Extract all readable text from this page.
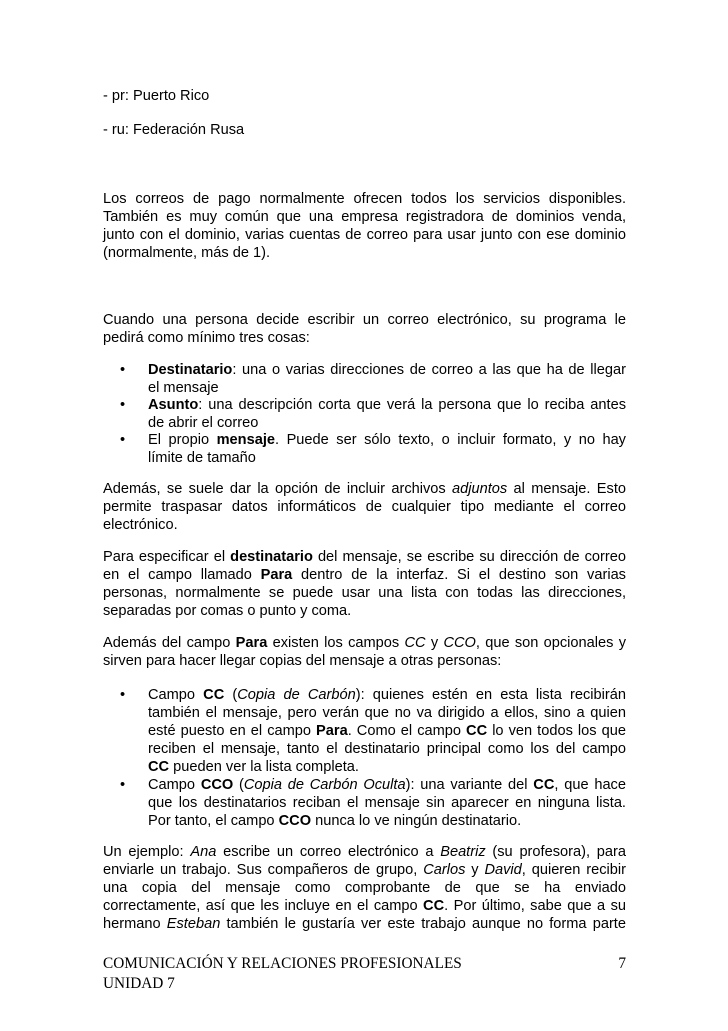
- pr: Puerto Rico
- ru: Federación Rusa
Los correos de pago normalmente ofrecen todos los servicios disponibles.
También es muy común que una empresa registradora de dominios venda,
junto con el dominio, varias cuentas de correo para usar junto con ese dominio
(normalmente, más de 1).
Cuando una persona decide escribir un correo electrónico, su programa le
pedirá como mínimo tres cosas:
• Destinatario: una o varias direcciones de correo a las que ha de llegar
el mensaje
• Asunto: una descripción corta que verá la persona que lo reciba antes
de abrir el correo
• El propio mensaje. Puede ser sólo texto, o incluir formato, y no hay
límite de tamaño
Además, se suele dar la opción de incluir archivos adjuntos al mensaje. Esto
permite traspasar datos informáticos de cualquier tipo mediante el correo
electrónico.
Para especificar el destinatario del mensaje, se escribe su dirección de correo
en el campo llamado Para dentro de la interfaz. Si el destino son varias
personas, normalmente se puede usar una lista con todas las direcciones,
separadas por comas o punto y coma.
Además del campo Para existen los campos CC y CCO, que son opcionales y
sirven para hacer llegar copias del mensaje a otras personas:
• Campo CC (Copia de Carbón): quienes estén en esta lista recibirán
también el mensaje, pero verán que no va dirigido a ellos, sino a quien
esté puesto en el campo Para. Como el campo CC lo ven todos los que
reciben el mensaje, tanto el destinatario principal como los del campo
CC pueden ver la lista completa.
• Campo CCO (Copia de Carbón Oculta): una variante del CC, que hace
que los destinatarios reciban el mensaje sin aparecer en ninguna lista.
Por tanto, el campo CCO nunca lo ve ningún destinatario.
Un ejemplo: Ana escribe un correo electrónico a Beatriz (su profesora), para
enviarle un trabajo. Sus compañeros de grupo, Carlos y David, quieren recibir
una copia del mensaje como comprobante de que se ha enviado
correctamente, así que les incluye en el campo CC. Por último, sabe que a su
hermano Esteban también le gustaría ver este trabajo aunque no forma parte
COMUNICACIÓN Y RELACIONES PROFESIONALES
UNIDAD 7
7
